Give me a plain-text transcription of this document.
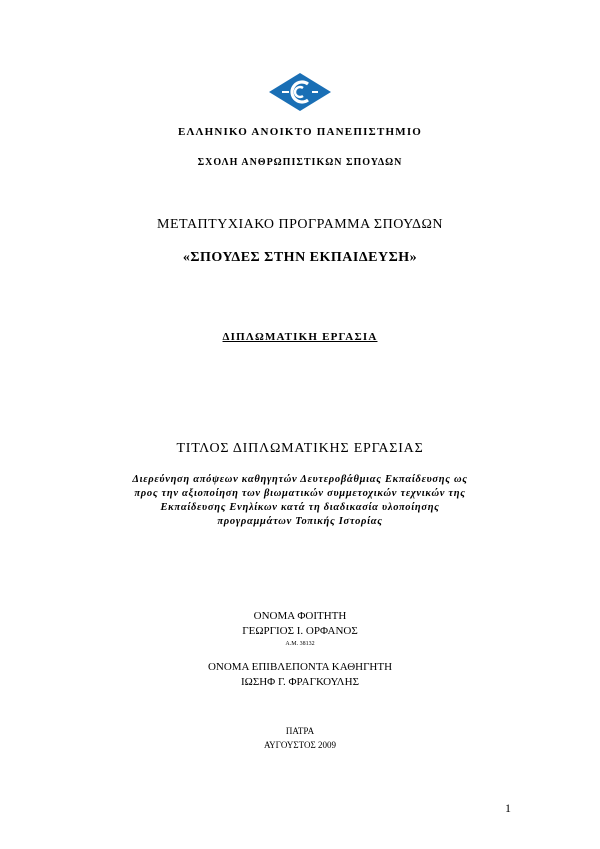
ΕΛΛΗΝΙΚΟ ΑΝΟΙΚΤΟ ΠΑΝΕΠΙΣΤΗΜΙΟ
ΣΧΟΛΗ ΑΝΘΡΩΠΙΣΤΙΚΩΝ ΣΠΟΥΔΩΝ
ΜΕΤΑΠΤΥΧΙΑΚΟ ΠΡΟΓΡΑΜΜΑ ΣΠΟΥΔΩΝ
«ΣΠΟΥΔΕΣ ΣΤΗΝ ΕΚΠΑΙΔΕΥΣΗ»
ΔΙΠΛΩΜΑΤΙΚΗ ΕΡΓΑΣΙΑ
ΤΙΤΛΟΣ ΔΙΠΛΩΜΑΤΙΚΗΣ ΕΡΓΑΣΙΑΣ
Διερεύνηση απόψεων καθηγητών Δευτεροβάθμιας Εκπαίδευσης ως
προς την αξιοποίηση των βιωματικών συμμετοχικών τεχνικών της
Εκπαίδευσης Ενηλίκων κατά τη διαδικασία υλοποίησης
προγραμμάτων Τοπικής Ιστορίας
ΟΝΟΜΑ ΦΟΙΤΗΤΗ
ΓΕΩΡΓΙΟΣ Ι. ΟΡΦΑΝΟΣ
Α.Μ. 38132
ΟΝΟΜΑ ΕΠΙΒΛΕΠΟΝΤΑ ΚΑΘΗΓΗΤΗ
ΙΩΣΗΦ Γ. ΦΡΑΓΚΟΥΛΗΣ
ΠΑΤΡΑ
ΑΥΓΟΥΣΤΟΣ 2009
1
